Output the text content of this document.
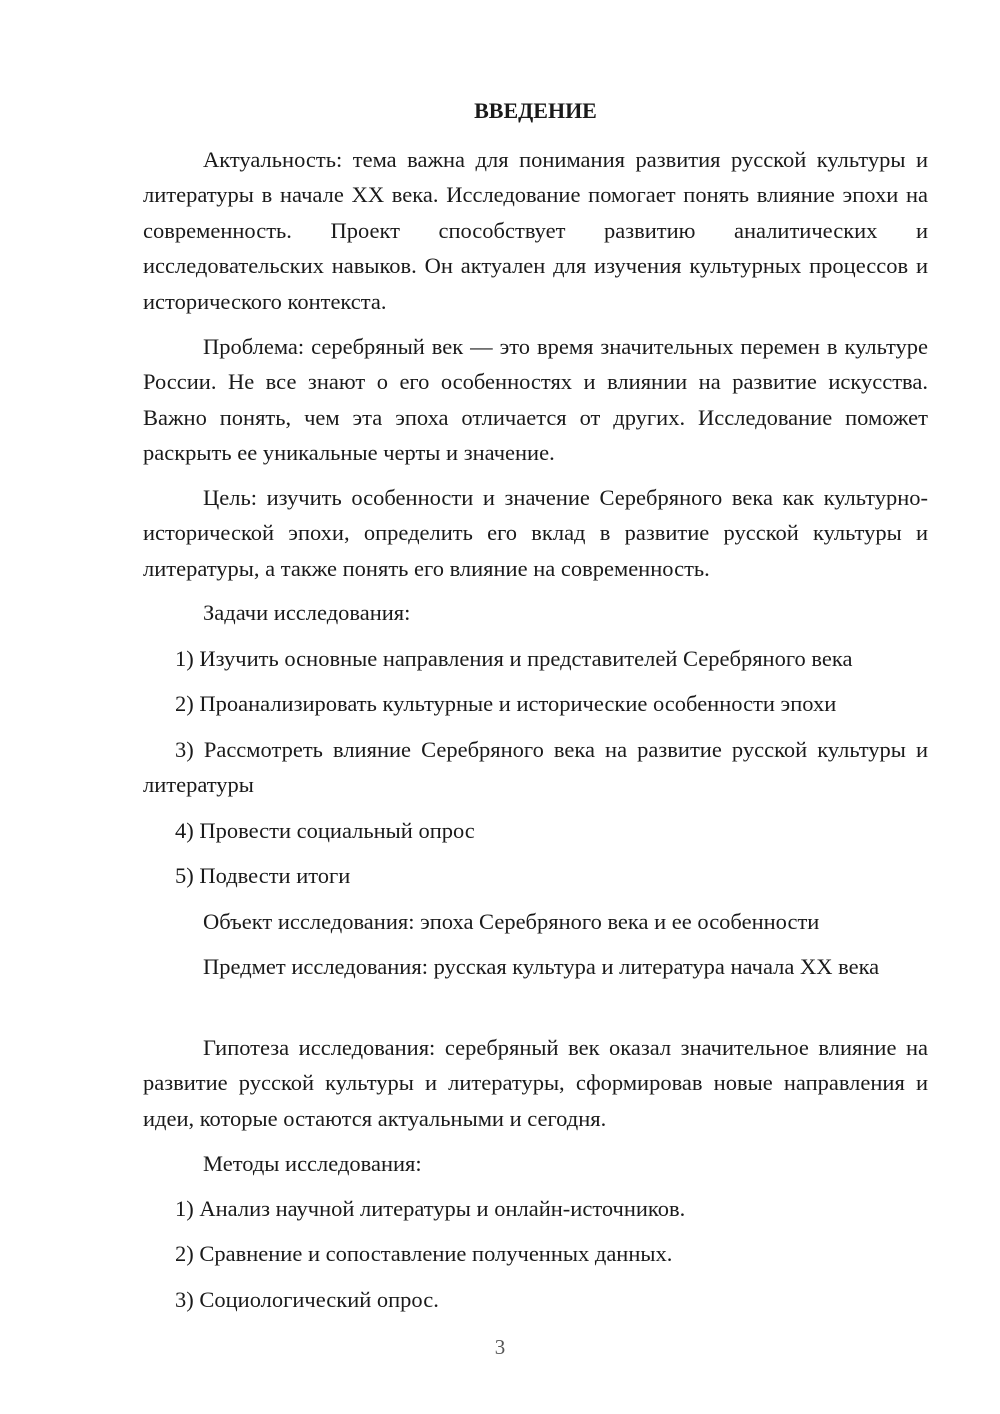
ВВЕДЕНИЕ

Актуальность: тема важна для понимания развития русской культуры и литературы в начале XX века. Исследование помогает понять влияние эпохи на современность. Проект способствует развитию аналитических и исследовательских навыков. Он актуален для изучения культурных процессов и исторического контекста.

Проблема: серебряный век — это время значительных перемен в культуре России. Не все знают о его особенностях и влиянии на развитие искусства. Важно понять, чем эта эпоха отличается от других. Исследование поможет раскрыть ее уникальные черты и значение.

Цель: изучить особенности и значение Серебряного века как культурно-исторической эпохи, определить его вклад в развитие русской культуры и литературы, а также понять его влияние на современность.

Задачи исследования:

1) Изучить основные направления и представителей Серебряного века

2) Проанализировать культурные и исторические особенности эпохи

3) Рассмотреть влияние Серебряного века на развитие русской культуры и литературы

4) Провести социальный опрос

5) Подвести итоги

Объект исследования: эпоха Серебряного века и ее особенности

Предмет исследования: русская культура и литература начала XX века

Гипотеза исследования: серебряный век оказал значительное влияние на развитие русской культуры и литературы, сформировав новые направления и идеи, которые остаются актуальными и сегодня.

Методы исследования:

1) Анализ научной литературы и онлайн-источников.

2) Сравнение и сопоставление полученных данных.

3) Социологический опрос.

3
